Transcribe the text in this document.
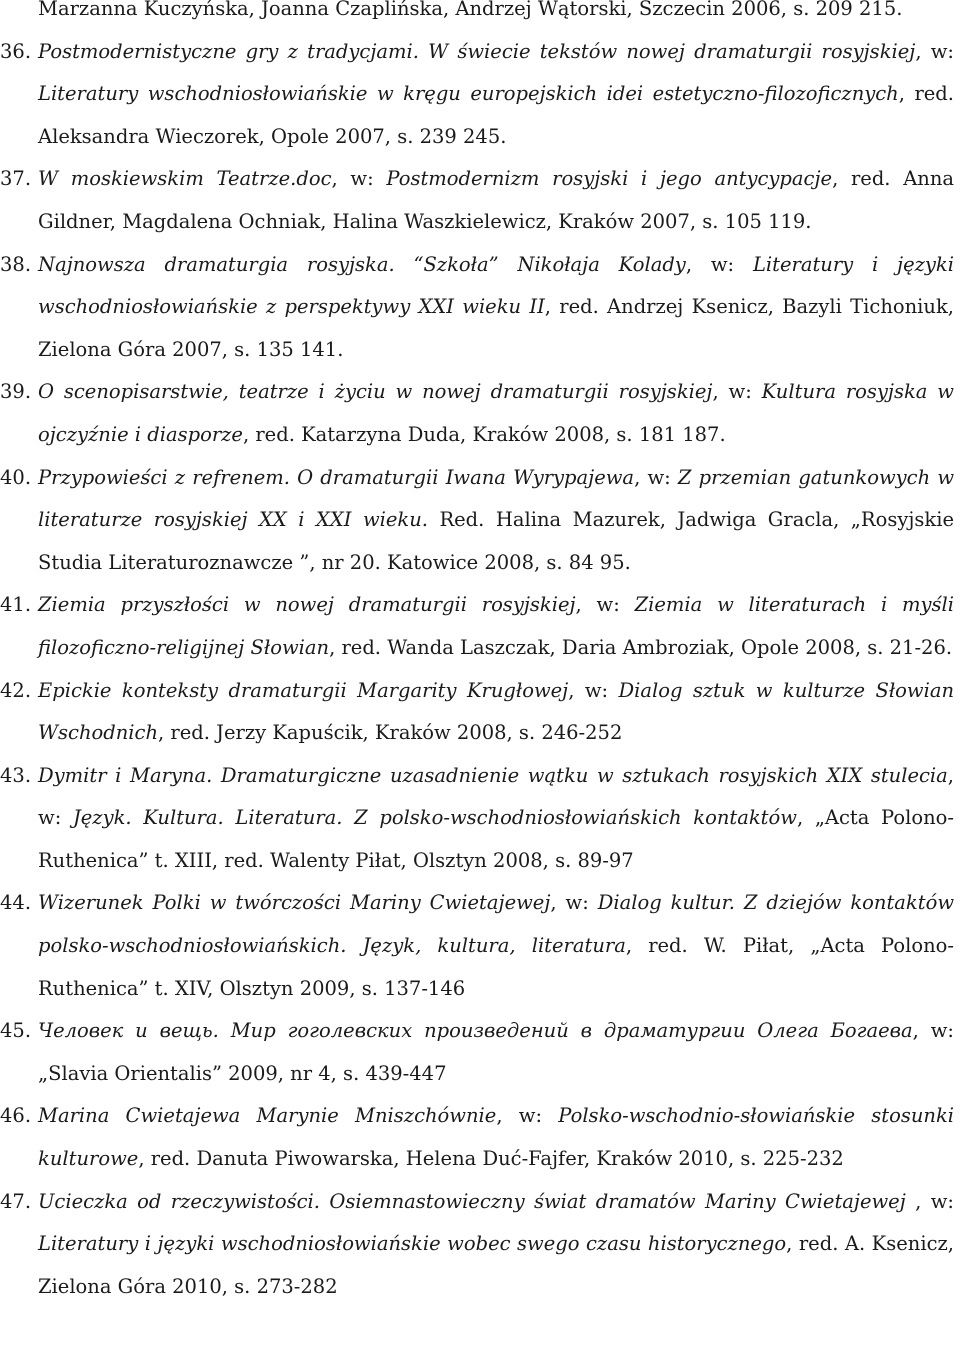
Marzanna Kuczyńska, Joanna Czaplińska, Andrzej Wątorski, Szczecin 2006, s. 209 215.

36. Postmodernistyczne gry z tradycjami. W świecie tekstów nowej dramaturgii rosyjskiej, w: Literatury wschodniosłowiańskie w kręgu europejskich idei estetyczno-filozoficznych, red. Aleksandra Wieczorek, Opole 2007, s. 239 245.

37. W moskiewskim Teatrze.doc, w: Postmodernizm rosyjski i jego antycypacje, red. Anna Gildner, Magdalena Ochniak, Halina Waszkielewicz, Kraków 2007, s. 105 119.

38. Najnowsza dramaturgia rosyjska. “Szkoła” Nikołaja Kolady, w: Literatury i języki wschodniosłowiańskie z perspektywy XXI wieku II, red. Andrzej Ksenicz, Bazyli Tichoniuk, Zielona Góra 2007, s. 135 141.

39. O scenopisarstwie, teatrze i życiu w nowej dramaturgii rosyjskiej, w: Kultura rosyjska w ojczyźnie i diasporze, red. Katarzyna Duda, Kraków 2008, s. 181 187.

40. Przypowieści z refrenem. O dramaturgii Iwana Wyrypajewa, w: Z przemian gatunkowych w literaturze rosyjskiej XX i XXI wieku. Red. Halina Mazurek, Jadwiga Gracla, „Rosyjskie Studia Literaturoznawcze ”, nr 20. Katowice 2008, s. 84 95.

41. Ziemia przyszłości w nowej dramaturgii rosyjskiej, w: Ziemia w literaturach i myśli filozoficzno-religijnej Słowian, red. Wanda Laszczak, Daria Ambroziak, Opole 2008, s. 21-26.

42. Epickie konteksty dramaturgii Margarity Krugłowej, w: Dialog sztuk w kulturze Słowian Wschodnich, red. Jerzy Kapuścik, Kraków 2008, s. 246-252

43. Dymitr i Maryna. Dramaturgiczne uzasadnienie wątku w sztukach rosyjskich XIX stulecia, w: Język. Kultura. Literatura. Z polsko-wschodniosłowiańskich kontaktów, „Acta Polono-Ruthenica” t. XIII, red. Walenty Piłat, Olsztyn 2008, s. 89-97

44. Wizerunek Polki w twórczości Mariny Cwietajewej, w: Dialog kultur. Z dziejów kontaktów polsko-wschodniosłowiańskich. Język, kultura, literatura, red. W. Piłat, „Acta Polono-Ruthenica” t. XIV, Olsztyn 2009, s. 137-146

45. Человек и вещь. Мир гоголевских произведений в драматургии Олега Богаева, w: „Slavia Orientalis” 2009, nr 4, s. 439-447

46. Marina Cwietajewa Marynie Mniszchównie, w: Polsko-wschodnio-słowiańskie stosunki kulturowe, red. Danuta Piwowarska, Helena Duć-Fajfer, Kraków 2010, s. 225-232

47. Ucieczka od rzeczywistości. Osiemnastowieczny świat dramatów Mariny Cwietajewej , w: Literatury i języki wschodniosłowiańskie wobec swego czasu historycznego, red. A. Ksenicz, Zielona Góra 2010, s. 273-282
